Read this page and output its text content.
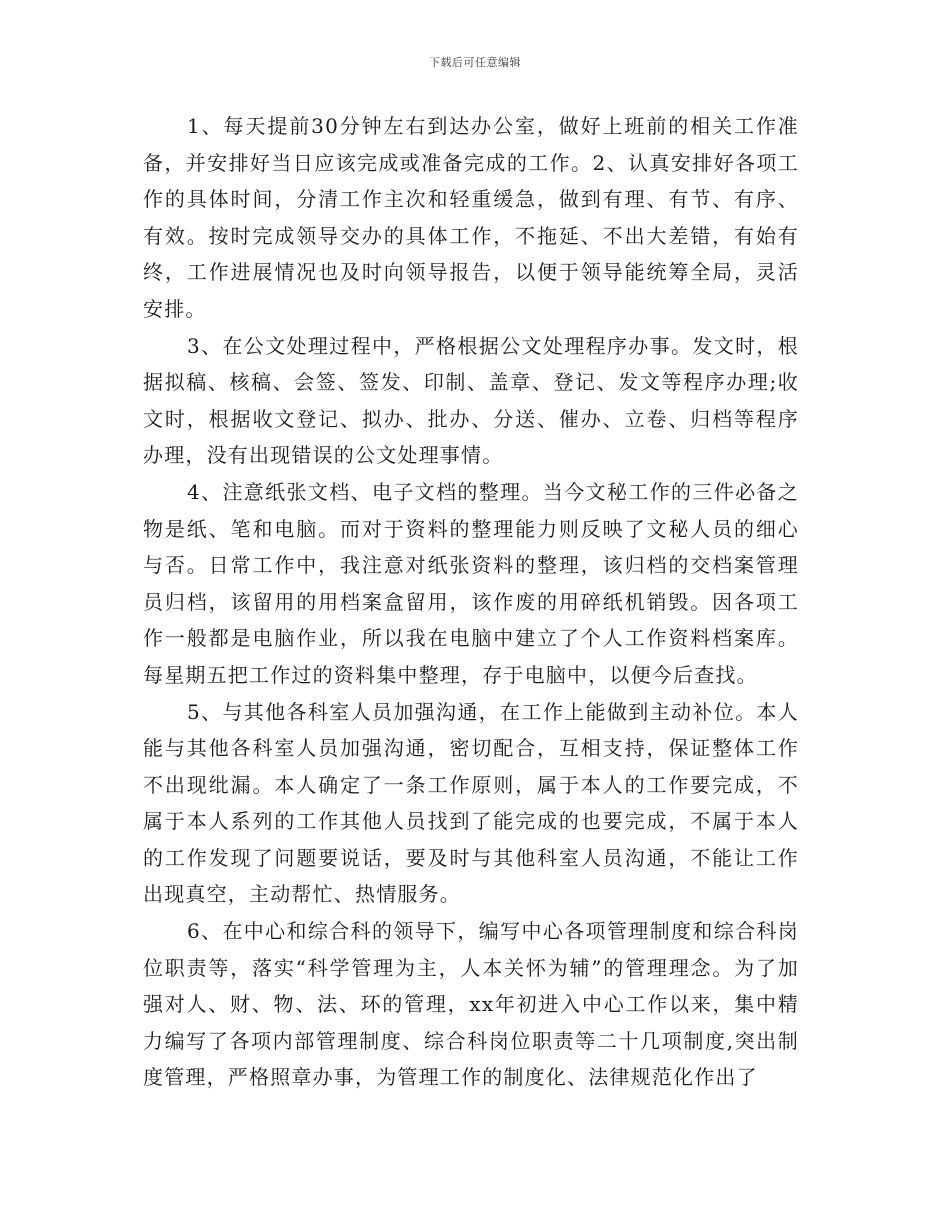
下载后可任意编辑

1、每天提前30分钟左右到达办公室，做好上班前的相关工作准备，并安排好当日应该完成或准备完成的工作。2、认真安排好各项工作的具体时间，分清工作主次和轻重缓急，做到有理、有节、有序、有效。按时完成领导交办的具体工作，不拖延、不出大差错，有始有终，工作进展情况也及时向领导报告，以便于领导能统筹全局，灵活安排。

3、在公文处理过程中，严格根据公文处理程序办事。发文时，根据拟稿、核稿、会签、签发、印制、盖章、登记、发文等程序办理;收文时，根据收文登记、拟办、批办、分送、催办、立卷、归档等程序办理，没有出现错误的公文处理事情。

4、注意纸张文档、电子文档的整理。当今文秘工作的三件必备之物是纸、笔和电脑。而对于资料的整理能力则反映了文秘人员的细心与否。日常工作中，我注意对纸张资料的整理，该归档的交档案管理员归档，该留用的用档案盒留用，该作废的用碎纸机销毁。因各项工作一般都是电脑作业，所以我在电脑中建立了个人工作资料档案库。每星期五把工作过的资料集中整理，存于电脑中，以便今后查找。

5、与其他各科室人员加强沟通，在工作上能做到主动补位。本人能与其他各科室人员加强沟通，密切配合，互相支持，保证整体工作不出现纰漏。本人确定了一条工作原则，属于本人的工作要完成，不属于本人系列的工作其他人员找到了能完成的也要完成，不属于本人的工作发现了问题要说话，要及时与其他科室人员沟通，不能让工作出现真空，主动帮忙、热情服务。

6、在中心和综合科的领导下，编写中心各项管理制度和综合科岗位职责等，落实“科学管理为主，人本关怀为辅”的管理理念。为了加强对人、财、物、法、环的管理，xx年初进入中心工作以来，集中精力编写了各项内部管理制度、综合科岗位职责等二十几项制度,突出制度管理，严格照章办事，为管理工作的制度化、法律规范化作出了
